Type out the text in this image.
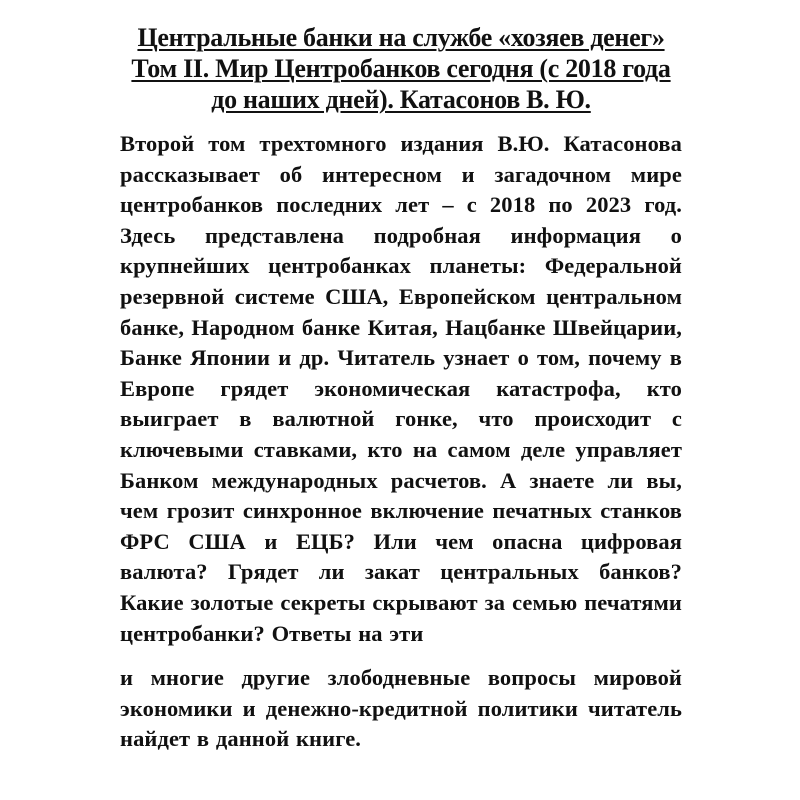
Центральные банки на службе «хозяев денег»
Том II. Мир Центробанков сегодня (с 2018 года
до наших дней). Катасонов В. Ю.

Второй том трехтомного издания В.Ю. Катасонова рассказывает об интересном и загадочном мире центробанков последних лет – с 2018 по 2023 год. Здесь представлена подробная информация о крупнейших центробанках планеты: Федеральной резервной системе США, Европейском центральном банке, Народном банке Китая, Нацбанке Швейцарии, Банке Японии и др. Читатель узнает о том, почему в Европе грядет экономическая катастрофа, кто выиграет в валютной гонке, что происходит с ключевыми ставками, кто на самом деле управляет Банком международных расчетов. А знаете ли вы, чем грозит синхронное включение печатных станков ФРС США и ЕЦБ? Или чем опасна цифровая валюта? Грядет ли закат центральных банков? Какие золотые секреты скрывают за семью печатями центробанки? Ответы на эти

и многие другие злободневные вопросы мировой экономики и денежно-кредитной политики читатель найдет в данной книге.
